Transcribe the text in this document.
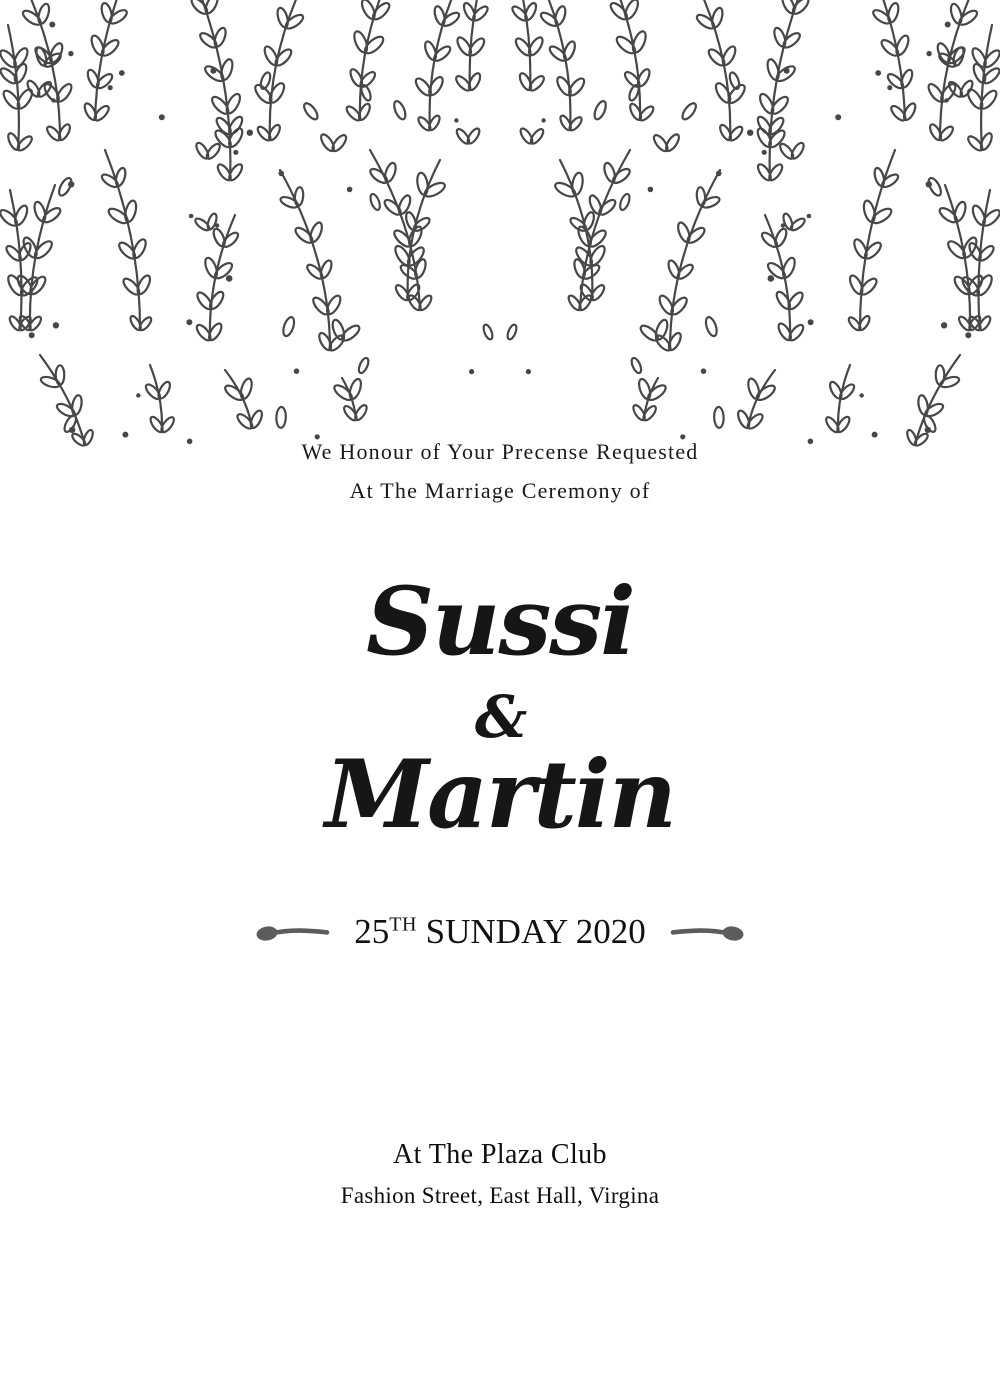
We Honour of Your Precense Requested

At The Marriage Ceremony of

Sussi
&
Martin
25TH SUNDAY 2020

At The Plaza Club

Fashion Street, East Hall, Virgina
